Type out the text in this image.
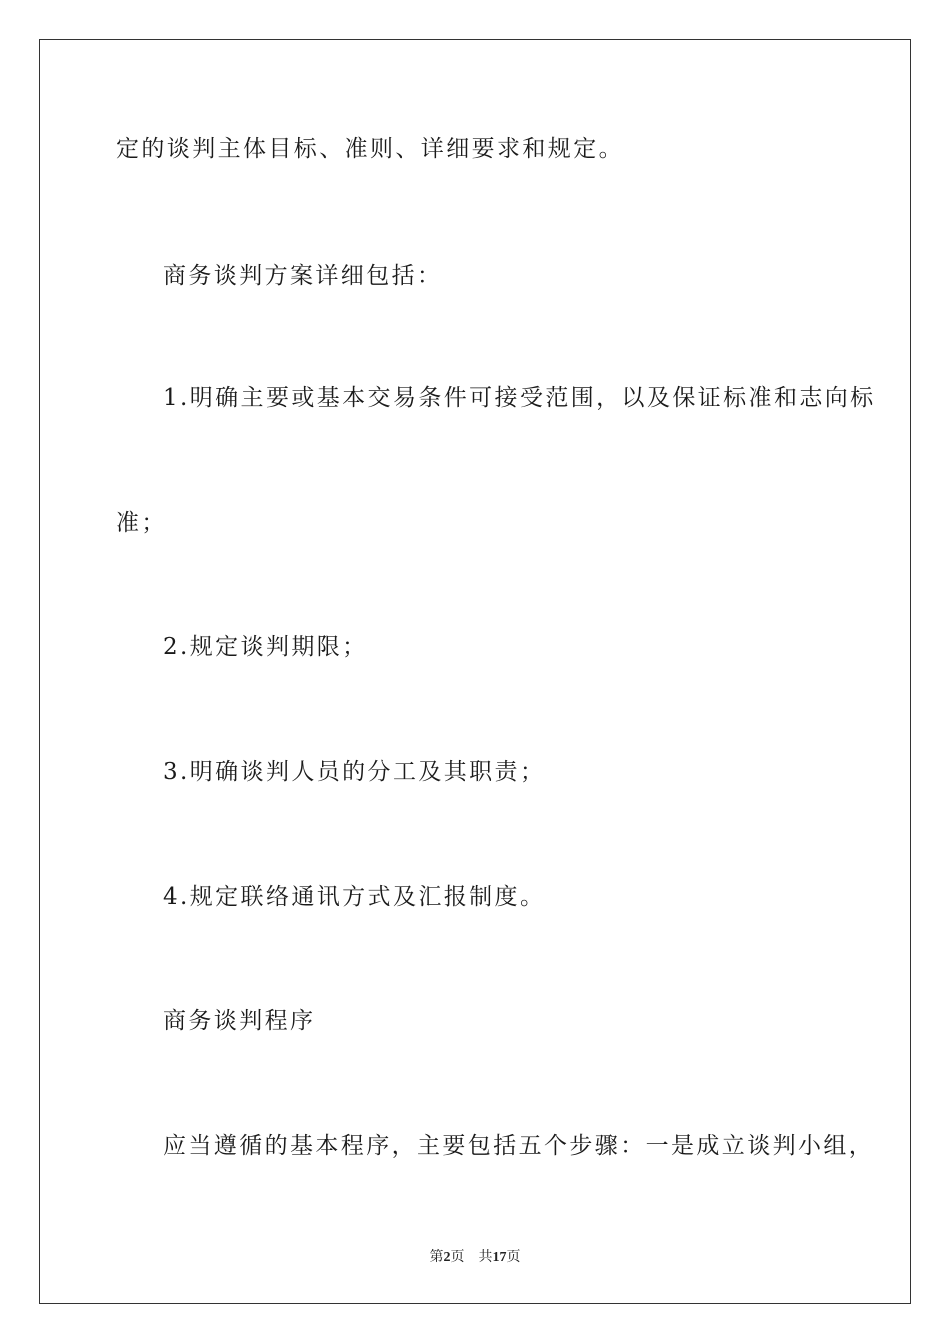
定的谈判主体目标、准则、详细要求和规定。
商务谈判方案详细包括：
1.明确主要或基本交易条件可接受范围，以及保证标准和志向标
准；
2.规定谈判期限；
3.明确谈判人员的分工及其职责；
4.规定联络通讯方式及汇报制度。
商务谈判程序
应当遵循的基本程序，主要包括五个步骤：一是成立谈判小组，
第2页 共17页
